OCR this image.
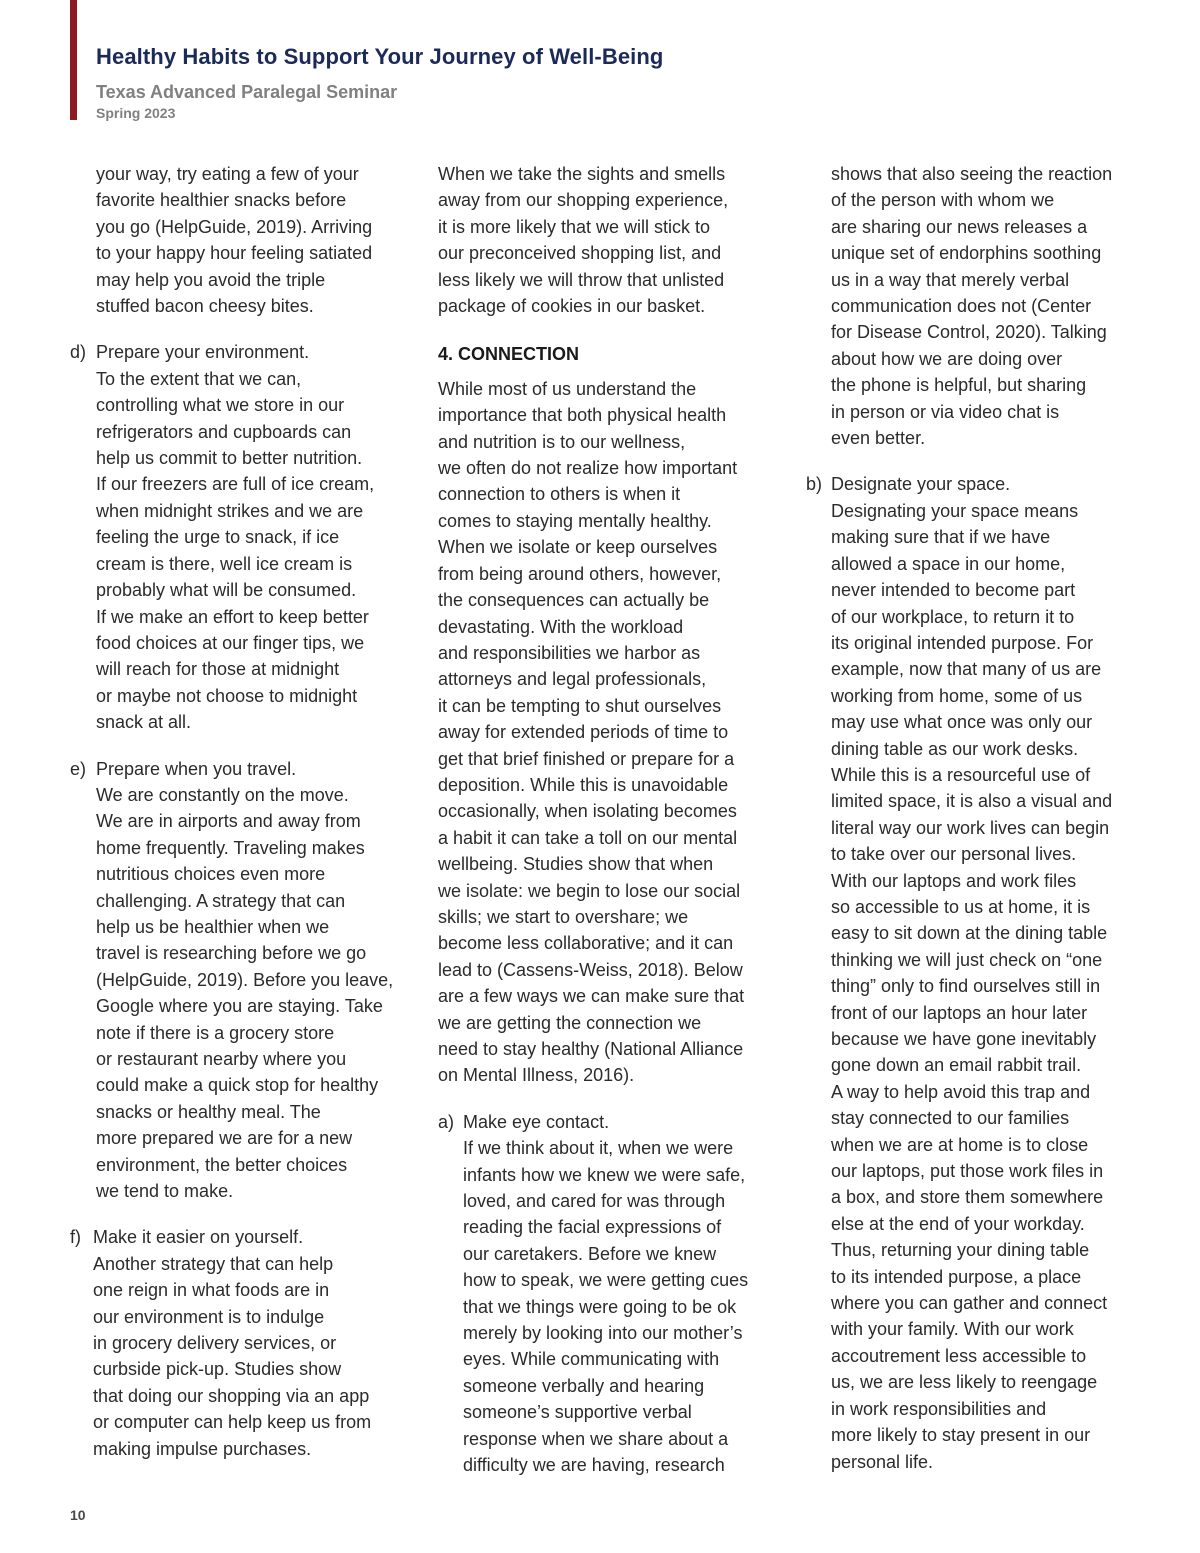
Healthy Habits to Support Your Journey of Well-Being
Texas Advanced Paralegal Seminar
Spring 2023

your way, try eating a few of your
favorite healthier snacks before
you go (HelpGuide, 2019). Arriving
to your happy hour feeling satiated
may help you avoid the triple
stuffed bacon cheesy bites.

d) Prepare your environment.
To the extent that we can,
controlling what we store in our
refrigerators and cupboards can
help us commit to better nutrition.
If our freezers are full of ice cream,
when midnight strikes and we are
feeling the urge to snack, if ice
cream is there, well ice cream is
probably what will be consumed.
If we make an effort to keep better
food choices at our finger tips, we
will reach for those at midnight
or maybe not choose to midnight
snack at all.
e) Prepare when you travel.
We are constantly on the move.
We are in airports and away from
home frequently. Traveling makes
nutritious choices even more
challenging. A strategy that can
help us be healthier when we
travel is researching before we go
(HelpGuide, 2019). Before you leave,
Google where you are staying. Take
note if there is a grocery store
or restaurant nearby where you
could make a quick stop for healthy
snacks or healthy meal. The
more prepared we are for a new
environment, the better choices
we tend to make.
f) Make it easier on yourself.
Another strategy that can help
one reign in what foods are in
our environment is to indulge
in grocery delivery services, or
curbside pick-up. Studies show
that doing our shopping via an app
or computer can help keep us from
making impulse purchases.

When we take the sights and smells
away from our shopping experience,
it is more likely that we will stick to
our preconceived shopping list, and
less likely we will throw that unlisted
package of cookies in our basket.

4. CONNECTION

While most of us understand the
importance that both physical health
and nutrition is to our wellness,
we often do not realize how important
connection to others is when it
comes to staying mentally healthy.
When we isolate or keep ourselves
from being around others, however,
the consequences can actually be
devastating. With the workload
and responsibilities we harbor as
attorneys and legal professionals,
it can be tempting to shut ourselves
away for extended periods of time to
get that brief finished or prepare for a
deposition. While this is unavoidable
occasionally, when isolating becomes
a habit it can take a toll on our mental
wellbeing. Studies show that when
we isolate: we begin to lose our social
skills; we start to overshare; we
become less collaborative; and it can
lead to (Cassens-Weiss, 2018). Below
are a few ways we can make sure that
we are getting the connection we
need to stay healthy (National Alliance
on Mental Illness, 2016).

a) Make eye contact.
If we think about it, when we were
infants how we knew we were safe,
loved, and cared for was through
reading the facial expressions of
our caretakers. Before we knew
how to speak, we were getting cues
that we things were going to be ok
merely by looking into our mother’s
eyes. While communicating with
someone verbally and hearing
someone’s supportive verbal
response when we share about a
difficulty we are having, research

shows that also seeing the reaction
of the person with whom we
are sharing our news releases a
unique set of endorphins soothing
us in a way that merely verbal
communication does not (Center
for Disease Control, 2020). Talking
about how we are doing over
the phone is helpful, but sharing
in person or via video chat is
even better.

b) Designate your space.
Designating your space means
making sure that if we have
allowed a space in our home,
never intended to become part
of our workplace, to return it to
its original intended purpose. For
example, now that many of us are
working from home, some of us
may use what once was only our
dining table as our work desks.
While this is a resourceful use of
limited space, it is also a visual and
literal way our work lives can begin
to take over our personal lives.
With our laptops and work files
so accessible to us at home, it is
easy to sit down at the dining table
thinking we will just check on “one
thing” only to find ourselves still in
front of our laptops an hour later
because we have gone inevitably
gone down an email rabbit trail.
A way to help avoid this trap and
stay connected to our families
when we are at home is to close
our laptops, put those work files in
a box, and store them somewhere
else at the end of your workday.
Thus, returning your dining table
to its intended purpose, a place
where you can gather and connect
with your family. With our work
accoutrement less accessible to
us, we are less likely to reengage
in work responsibilities and
more likely to stay present in our
personal life.
10
